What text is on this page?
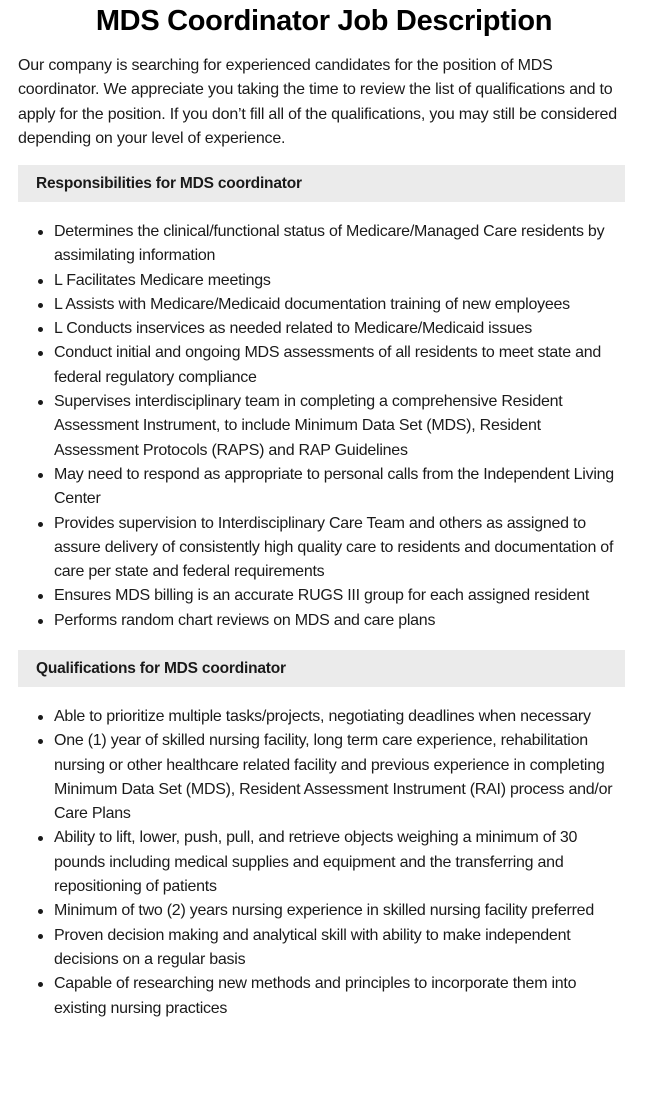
MDS Coordinator Job Description

Our company is searching for experienced candidates for the position of MDS coordinator. We appreciate you taking the time to review the list of qualifications and to apply for the position. If you don’t fill all of the qualifications, you may still be considered depending on your level of experience.

Responsibilities for MDS coordinator
Determines the clinical/functional status of Medicare/Managed Care residents by assimilating information
L Facilitates Medicare meetings
L Assists with Medicare/Medicaid documentation training of new employees
L Conducts inservices as needed related to Medicare/Medicaid issues
Conduct initial and ongoing MDS assessments of all residents to meet state and federal regulatory compliance
Supervises interdisciplinary team in completing a comprehensive Resident Assessment Instrument, to include Minimum Data Set (MDS), Resident Assessment Protocols (RAPS) and RAP Guidelines
May need to respond as appropriate to personal calls from the Independent Living Center
Provides supervision to Interdisciplinary Care Team and others as assigned to assure delivery of consistently high quality care to residents and documentation of care per state and federal requirements
Ensures MDS billing is an accurate RUGS III group for each assigned resident
Performs random chart reviews on MDS and care plans
Qualifications for MDS coordinator
Able to prioritize multiple tasks/projects, negotiating deadlines when necessary
One (1) year of skilled nursing facility, long term care experience, rehabilitation nursing or other healthcare related facility and previous experience in completing Minimum Data Set (MDS), Resident Assessment Instrument (RAI) process and/or Care Plans
Ability to lift, lower, push, pull, and retrieve objects weighing a minimum of 30 pounds including medical supplies and equipment and the transferring and repositioning of patients
Minimum of two (2) years nursing experience in skilled nursing facility preferred
Proven decision making and analytical skill with ability to make independent decisions on a regular basis
Capable of researching new methods and principles to incorporate them into existing nursing practices
